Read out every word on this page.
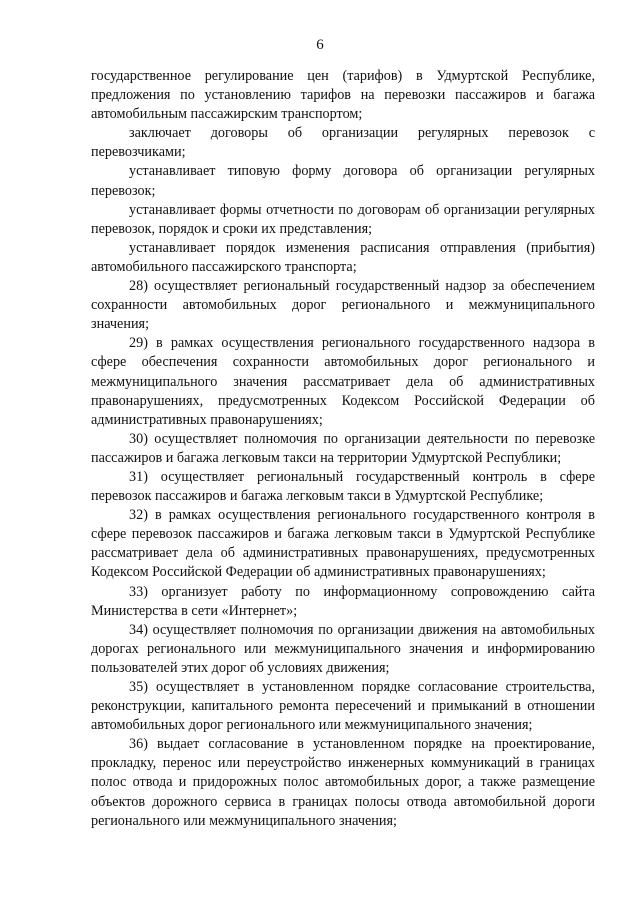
6

государственное регулирование цен (тарифов) в Удмуртской Республике, предложения по установлению тарифов на перевозки пассажиров и багажа автомобильным пассажирским транспортом;

заключает договоры об организации регулярных перевозок с перевозчиками;

устанавливает типовую форму договора об организации регулярных перевозок;

устанавливает формы отчетности по договорам об организации регулярных перевозок, порядок и сроки их представления;

устанавливает порядок изменения расписания отправления (прибытия) автомобильного пассажирского транспорта;

28) осуществляет региональный государственный надзор за обеспечением сохранности автомобильных дорог регионального и межмуниципального значения;

29) в рамках осуществления регионального государственного надзора в сфере обеспечения сохранности автомобильных дорог регионального и межмуниципального значения рассматривает дела об административных правонарушениях, предусмотренных Кодексом Российской Федерации об административных правонарушениях;

30) осуществляет полномочия по организации деятельности по перевозке пассажиров и багажа легковым такси на территории Удмуртской Республики;

31) осуществляет региональный государственный контроль в сфере перевозок пассажиров и багажа легковым такси в Удмуртской Республике;

32) в рамках осуществления регионального государственного контроля в сфере перевозок пассажиров и багажа легковым такси в Удмуртской Республике рассматривает дела об административных правонарушениях, предусмотренных Кодексом Российской Федерации об административных правонарушениях;

33) организует работу по информационному сопровождению сайта Министерства в сети «Интернет»;

34) осуществляет полномочия по организации движения на автомобильных дорогах регионального или межмуниципального значения и информированию пользователей этих дорог об условиях движения;

35) осуществляет в установленном порядке согласование строительства, реконструкции, капитального ремонта пересечений и примыканий в отношении автомобильных дорог регионального или межмуниципального значения;

36) выдает согласование в установленном порядке на проектирование, прокладку, перенос или переустройство инженерных коммуникаций в границах полос отвода и придорожных полос автомобильных дорог, а также размещение объектов дорожного сервиса в границах полосы отвода автомобильной дороги регионального или межмуниципального значения;
